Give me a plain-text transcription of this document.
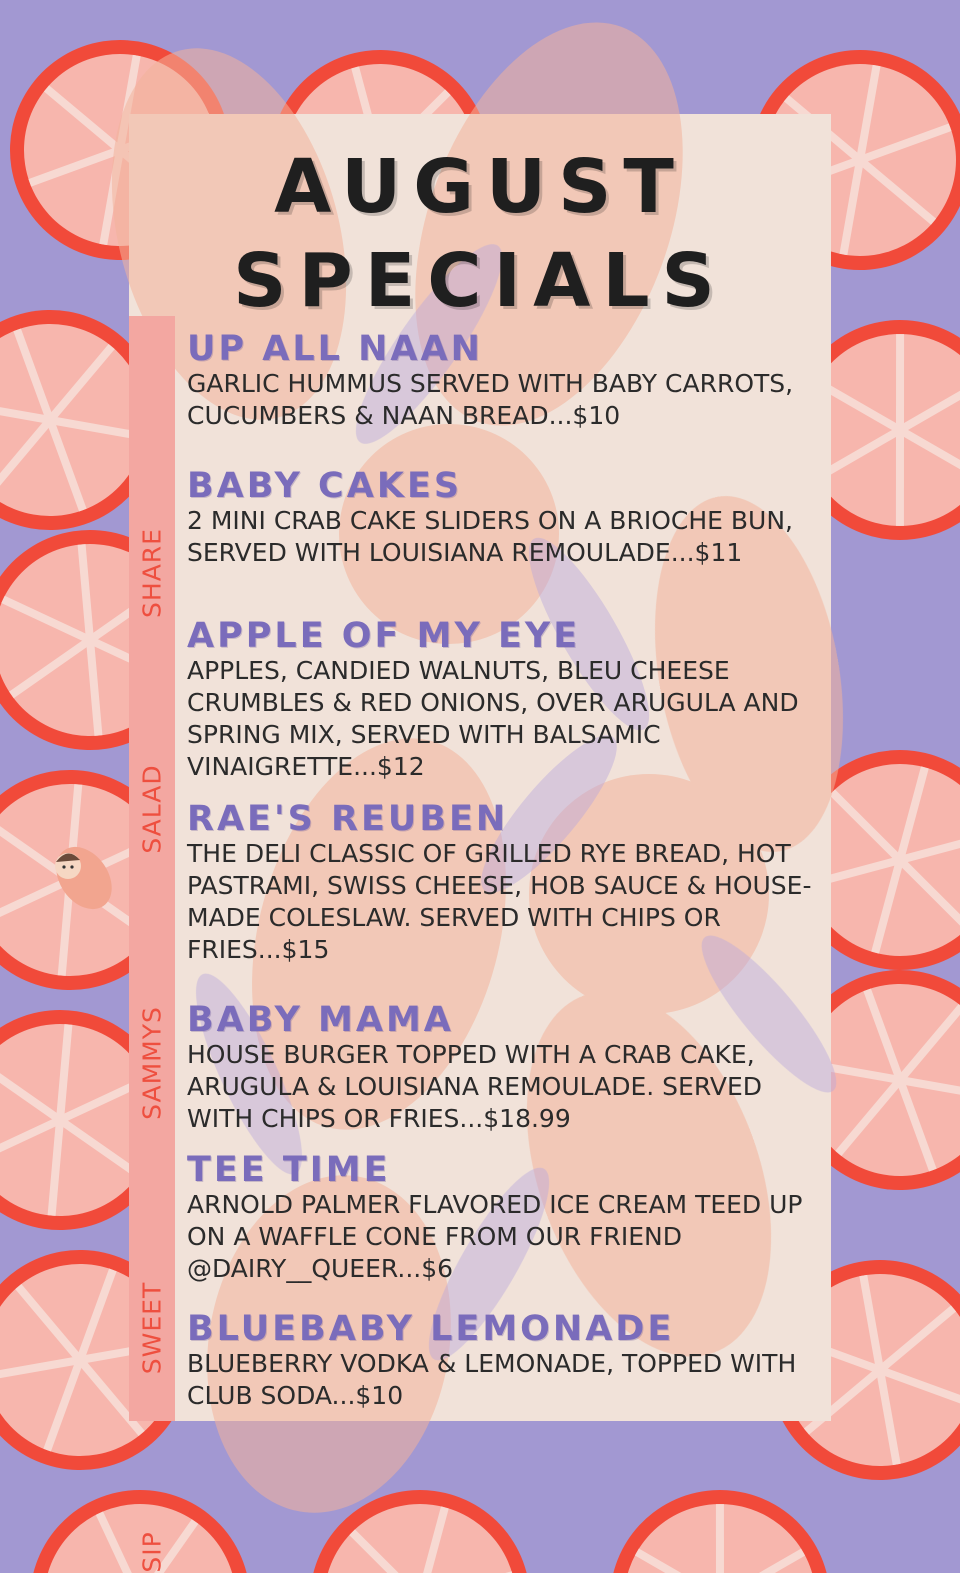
AUGUST
SPECIALS
SHARE
SALAD
SAMMYS
SWEET
SIP
UP ALL NAAN
GARLIC HUMMUS SERVED WITH BABY CARROTS, CUCUMBERS & NAAN BREAD...$10
BABY CAKES
2 MINI CRAB CAKE SLIDERS ON A BRIOCHE BUN, SERVED WITH LOUISIANA REMOULADE...$11
APPLE OF MY EYE
APPLES, CANDIED WALNUTS, BLEU CHEESE CRUMBLES & RED ONIONS, OVER ARUGULA AND SPRING MIX, SERVED WITH BALSAMIC VINAIGRETTE...$12
RAE'S REUBEN
THE DELI CLASSIC OF GRILLED RYE BREAD, HOT PASTRAMI, SWISS CHEESE, HOB SAUCE & HOUSE-MADE COLESLAW. SERVED WITH CHIPS OR FRIES...$15
BABY MAMA
HOUSE BURGER TOPPED WITH A CRAB CAKE, ARUGULA & LOUISIANA REMOULADE. SERVED WITH CHIPS OR FRIES...$18.99
TEE TIME
ARNOLD PALMER FLAVORED ICE CREAM TEED UP ON A WAFFLE CONE FROM OUR FRIEND @DAIRY__QUEER...$6
BLUEBABY LEMONADE
BLUEBERRY VODKA & LEMONADE, TOPPED WITH CLUB SODA...$10
